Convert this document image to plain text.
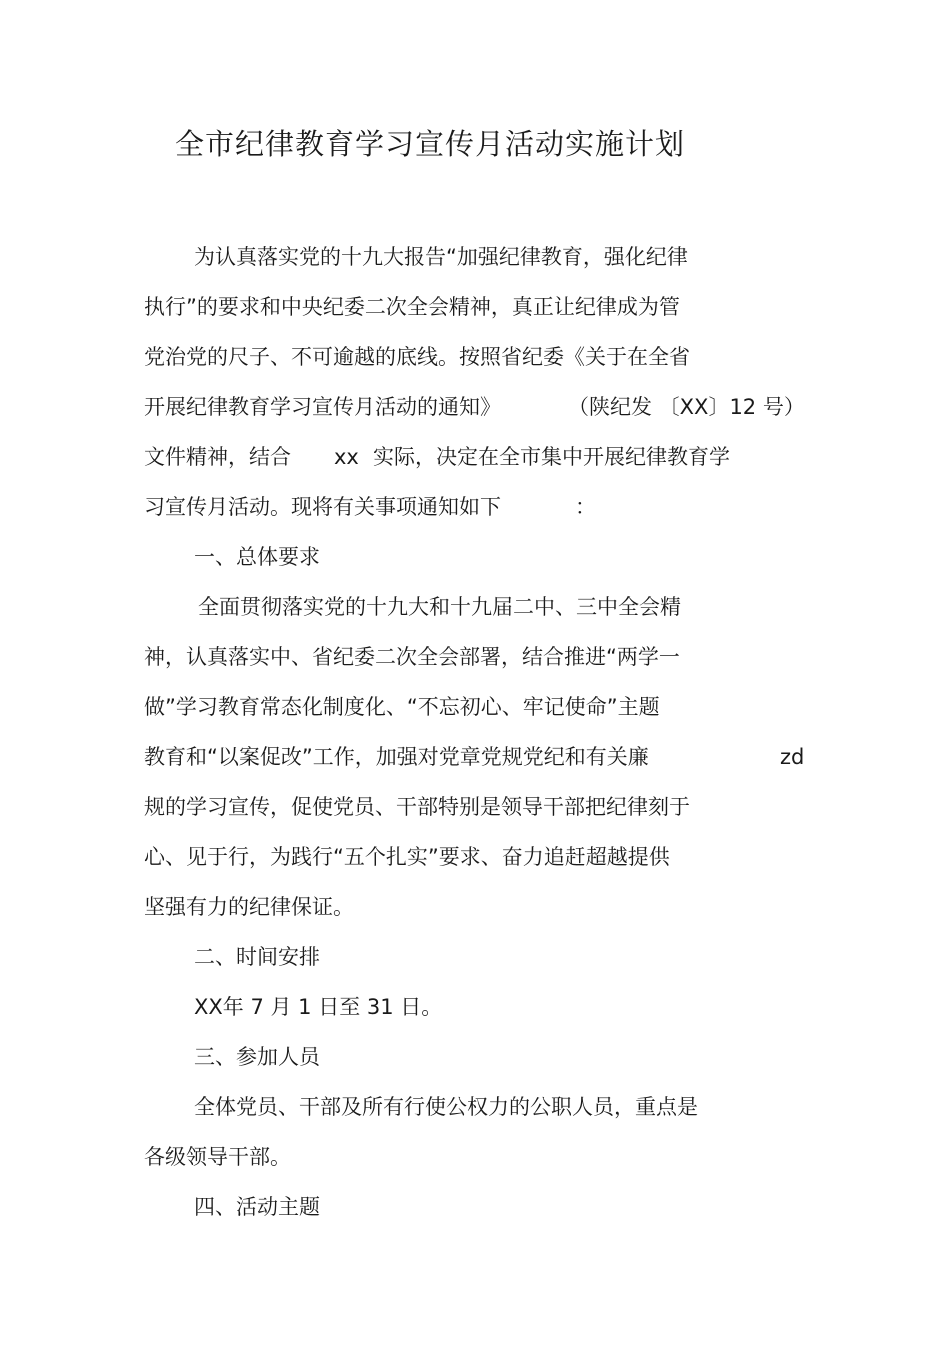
全市纪律教育学习宣传月活动实施计划
为认真落实党的十九大报告“加强纪律教育，强化纪律
执行”的要求和中央纪委二次全会精神，真正让纪律成为管
党治党的尺子、不可逾越的底线。按照省纪委《关于在全省
开展纪律教育学习宣传月活动的通知》	（陕纪发 〔XX〕12 号）
文件精神，结合 xx 实际，决定在全市集中开展纪律教育学
习宣传月活动。现将有关事项通知如下	：
一、总体要求
全面贯彻落实党的十九大和十九届二中、三中全会精
神，认真落实中、省纪委二次全会部署，结合推进“两学一
做”学习教育常态化制度化、“不忘初心、牢记使命”主题
教育和“以案促改”工作，加强对党章党规党纪和有关廉	zd
规的学习宣传，促使党员、干部特别是领导干部把纪律刻于
心、见于行，为践行“五个扎实”要求、奋力追赶超越提供
坚强有力的纪律保证。
二、时间安排
XX年 7 月 1 日至 31 日。
三、参加人员
全体党员、干部及所有行使公权力的公职人员，重点是
各级领导干部。
四、活动主题
